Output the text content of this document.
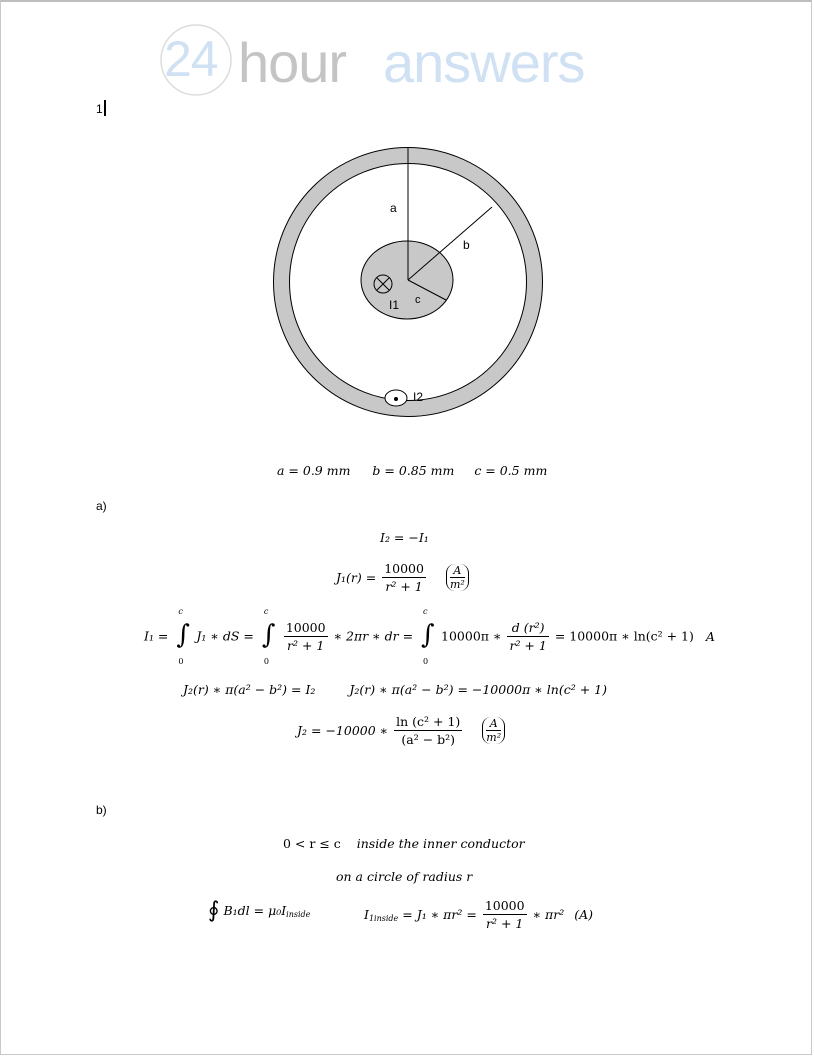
24 hour answers
1
a
b
c
I1
I2
a = 0.9 mm b = 0.85 mm c = 0.5 mm
a)
I₂ = −I₁
$J_1(r) = \frac{10000}{\text{r² + 1}}$
$\frac{A}{\text{m²}}$
I₁ = ∫
c
0
J₁ ∗ dS = ∫
c
0

$\frac{10000}{\text{r² + 1}}$ ∗ 2πr ∗ dr = ∫
c
0
10000π ∗ $\frac{\text{d (r²)}}{\text{r² + 1}} = 10000\pi$ ∗ ln(c² + 1) A
J₂(r) ∗ π(a² − b²) = I₂	J₂(r) ∗ π(a² − b²) = −10000π ∗ ln(c² + 1)
J₂ = −10000 ∗ $\frac{\text{ln (c² + 1)}}{\text{(a² − b²)}}$
$\frac{A}{\text{m²}}$
b)
0 < r ≤ c inside the inner conductor
on a circle of radius r
∮ $B_1dl = \mu_0I_{inside}$	$I_{1inside} = J_1$ ∗ $\pi r^2 = \frac{10000}{\text{r² + 1}}$ ∗ πr² (A)
